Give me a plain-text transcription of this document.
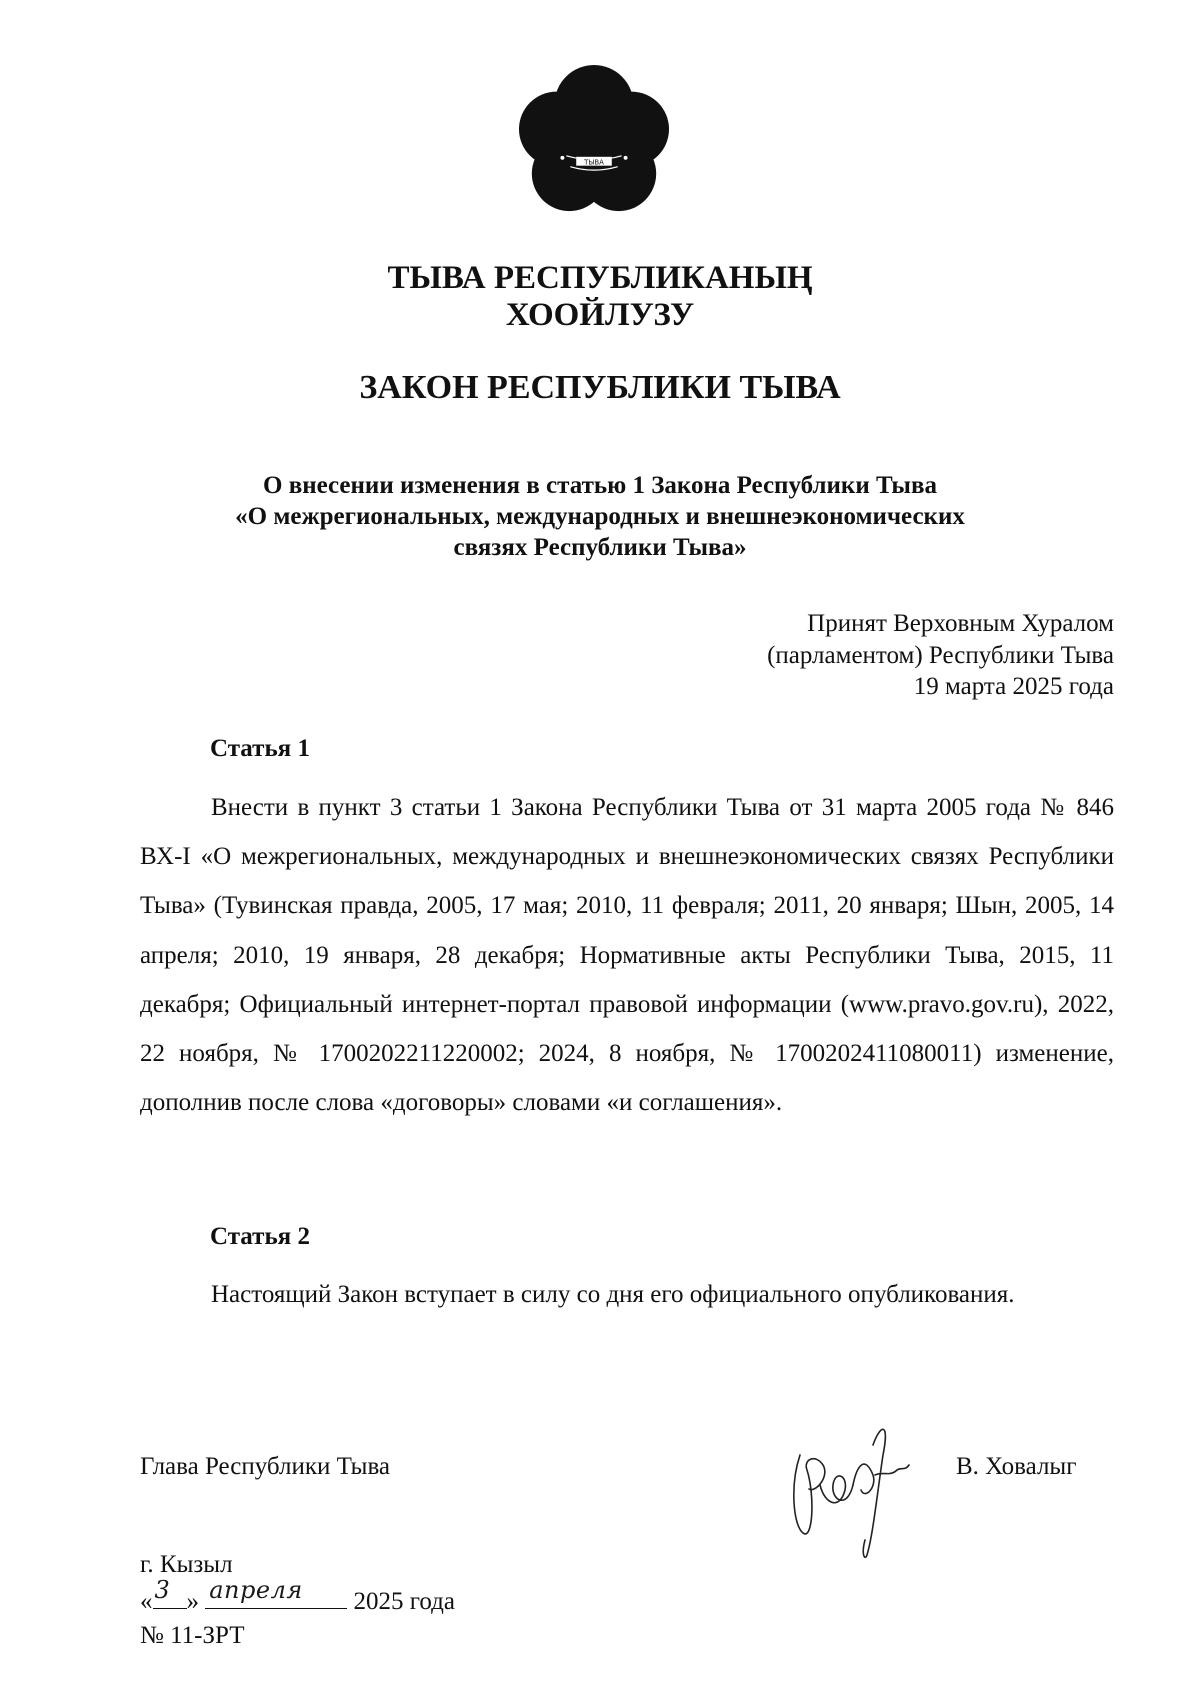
ТЫВА
ТЫВА РЕСПУБЛИКАНЫҢ
ХООЙЛУЗУ
ЗАКОН РЕСПУБЛИКИ ТЫВА
О внесении изменения в статью 1 Закона Республики Тыва
«О межрегиональных, международных и внешнеэкономических
связях Республики Тыва»
Принят Верховным Хуралом
(парламентом) Республики Тыва
19 марта 2025 года
Статья 1
Внести в пункт 3 статьи 1 Закона Республики Тыва от 31 марта 2005 года № 846 ВХ-I «О межрегиональных, международных и внешнеэкономических связях Республики Тыва» (Тувинская правда, 2005, 17 мая; 2010, 11 февраля; 2011, 20 января; Шын, 2005, 14 апреля; 2010, 19 января, 28 декабря; Нормативные акты Республики Тыва, 2015, 11 декабря; Официальный интернет-портал правовой информации (www.pravo.gov.ru), 2022, 22 ноября, № 1700202211220002; 2024, 8 ноября, № 1700202411080011) изменение, дополнив после слова «договоры» словами «и соглашения».
Статья 2
Настоящий Закон вступает в силу со дня его официального опубликования.
Глава Республики Тыва	В. Ховалыг
г. Кызыл
« 3 » апреля 2025 года
№ 11-ЗРТ
